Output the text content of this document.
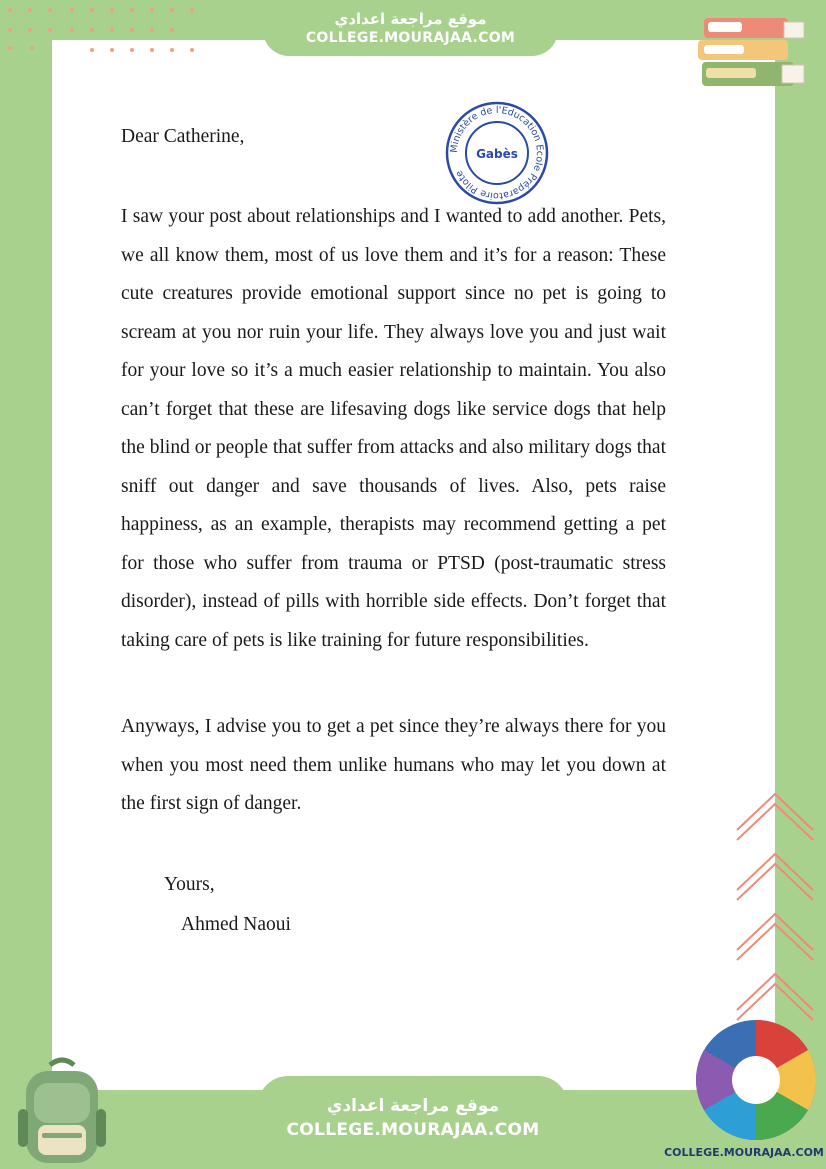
موقع مراجعة اعدادي
COLLEGE.MOURAJAA.COM
Dear Catherine,
Ministère de l'Education Ecole Préparatoire Pilote
Gabès

I saw your post about relationships and I wanted to add another. Pets, we all know them, most of us love them and it’s for a reason: These cute creatures provide emotional support since no pet is going to scream at you nor ruin your life. They always love you and just wait for your love so it’s a much easier relationship to maintain. You also can’t forget that these are lifesaving dogs like service dogs that help the blind or people that suffer from attacks and also military dogs that sniff out danger and save thousands of lives. Also, pets raise happiness, as an example, therapists may recommend getting a pet for those who suffer from trauma or PTSD (post-traumatic stress disorder), instead of pills with horrible side effects. Don’t forget that taking care of pets is like training for future responsibilities.

Anyways, I advise you to get a pet since they’re always there for you when you most need them unlike humans who may let you down at the first sign of danger.

Yours,
Ahmed Naoui
موقع مراجعة اعدادي
COLLEGE.MOURAJAA.COM
COLLEGE.MOURAJAA.COM
